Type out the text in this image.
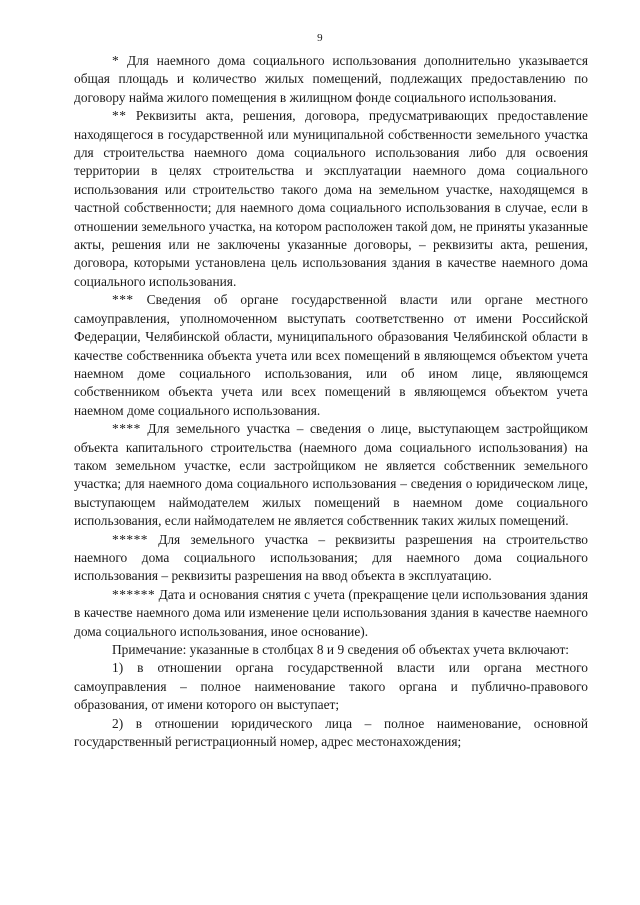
9

* Для наемного дома социального использования дополнительно указывается общая площадь и количество жилых помещений, подлежащих предоставлению по договору найма жилого помещения в жилищном фонде социального использования.

** Реквизиты акта, решения, договора, предусматривающих предоставление находящегося в государственной или муниципальной собственности земельного участка для строительства наемного дома социального использования либо для освоения территории в целях строительства и эксплуатации наемного дома социального использования или строительство такого дома на земельном участке, находящемся в частной собственности; для наемного дома социального использования в случае, если в отношении земельного участка, на котором расположен такой дом, не приняты указанные акты, решения или не заключены указанные договоры, – реквизиты акта, решения, договора, которыми установлена цель использования здания в качестве наемного дома социального использования.

*** Сведения об органе государственной власти или органе местного самоуправления, уполномоченном выступать соответственно от имени Российской Федерации, Челябинской области, муниципального образования Челябинской области в качестве собственника объекта учета или всех помещений в являющемся объектом учета наемном доме социального использования, или об ином лице, являющемся собственником объекта учета или всех помещений в являющемся объектом учета наемном доме социального использования.

**** Для земельного участка – сведения о лице, выступающем застройщиком объекта капитального строительства (наемного дома социального использования) на таком земельном участке, если застройщиком не является собственник земельного участка; для наемного дома социального использования – сведения о юридическом лице, выступающем наймодателем жилых помещений в наемном доме социального использования, если наймодателем не является собственник таких жилых помещений.

***** Для земельного участка – реквизиты разрешения на строительство наемного дома социального использования; для наемного дома социального использования – реквизиты разрешения на ввод объекта в эксплуатацию.

****** Дата и основания снятия с учета (прекращение цели использования здания в качестве наемного дома или изменение цели использования здания в качестве наемного дома социального использования, иное основание).

Примечание: указанные в столбцах 8 и 9 сведения об объектах учета включают:

1) в отношении органа государственной власти или органа местного самоуправления – полное наименование такого органа и публично-правового образования, от имени которого он выступает;

2) в отношении юридического лица – полное наименование, основной государственный регистрационный номер, адрес местонахождения;
